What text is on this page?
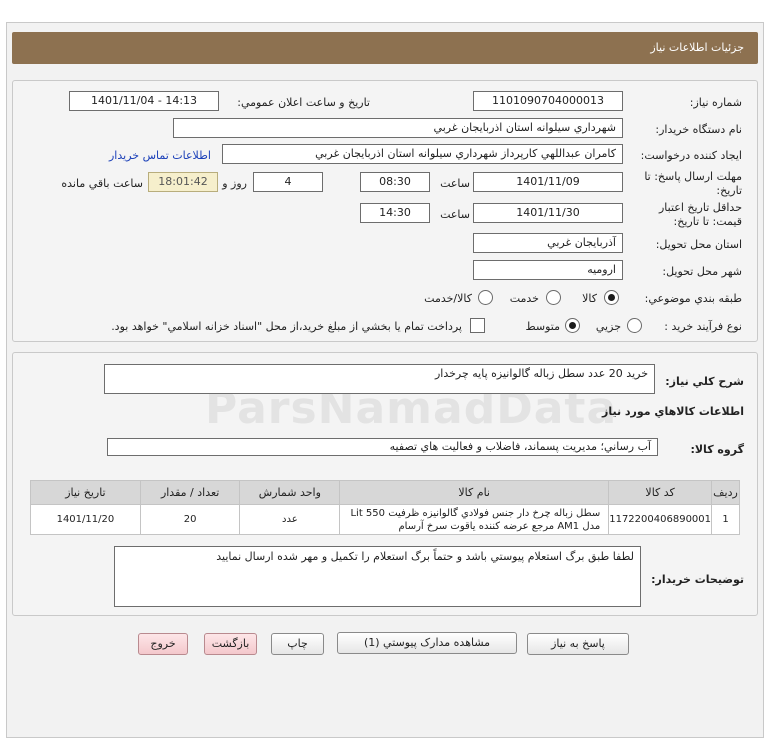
جزئيات اطلاعات نياز
شماره نياز:
1101090704000013
تاريخ و ساعت اعلان عمومي:
1401/11/04 - 14:13
نام دستگاه خريدار:
شهرداري سيلوانه استان اذربايجان غربي
ايجاد کننده درخواست:
کامران عبداللهي کارپرداز شهرداري سيلوانه استان اذربايجان غربي
اطلاعات تماس خريدار
مهلت ارسال پاسخ: تا
تاريخ:
1401/11/09
ساعت
08:30
4
روز و
18:01:42
ساعت باقي مانده
حداقل تاريخ اعتبار
قيمت: تا تاريخ:
1401/11/30
ساعت
14:30
استان محل تحويل:
آذربايجان غربي
شهر محل تحويل:
اروميه
طبقه بندي موضوعي:
کالا
خدمت
کالا/خدمت
نوع فرآيند خريد :
جزيي
متوسط
پرداخت تمام يا بخشي از مبلغ خريد،از محل "اسناد خزانه اسلامي" خواهد بود.
شرح کلي نياز:
خريد 20 عدد سطل زباله گالوانيزه پايه چرخدار
اطلاعات کالاهاي مورد نياز
گروه کالا:
آب رساني؛ مديريت پسماند، فاضلاب و فعاليت هاي تصفيه
رديف	کد کالا	نام کالا	واحد شمارش	تعداد / مقدار	تاريخ نياز
1	1172200406890001	سطل زباله چرخ دار جنس فولادي گالوانيزه ظرفيت Lit 550
مدل AM1 مرجع عرضه کننده ياقوت سرخ آرسام	عدد	20	1401/11/20
توضيحات خريدار:
لطفا طبق برگ استعلام پيوستي باشد و حتماً برگ استعلام را تکميل و مهر شده ارسال نماييد
پاسخ به نياز
مشاهده مدارک پيوستي (1)
چاپ
بازگشت
خروج
